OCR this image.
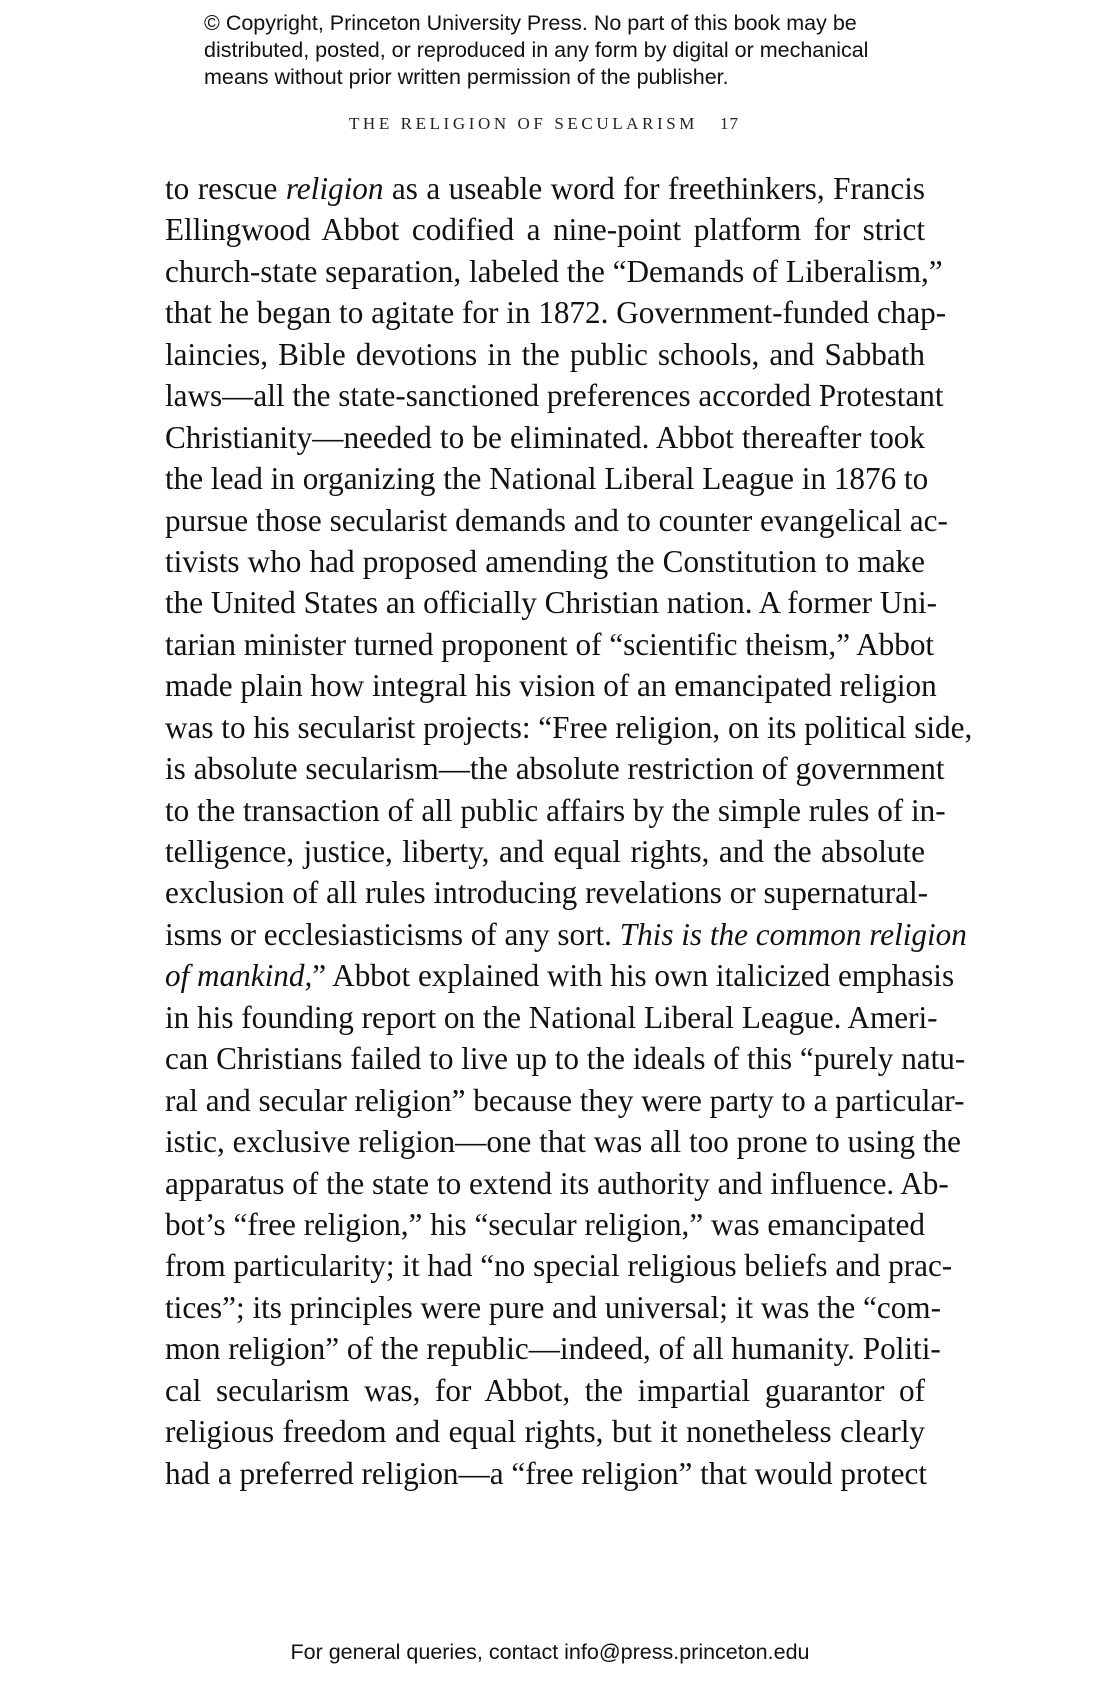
© Copyright, Princeton University Press. No part of this book may be
distributed, posted, or reproduced in any form by digital or mechanical
means without prior written permission of the publisher.
THE RELIGION OF SECULARISM 17
to rescue religion as a useable word for freethinkers, Francis
Ellingwood Abbot codified a nine-point platform for strict
church-state separation, labeled the “Demands of Liberalism,”
that he began to agitate for in 1872. Government-funded chap-
laincies, Bible devotions in the public schools, and Sabbath
laws—all the state-sanctioned preferences accorded Protestant
Christianity—needed to be eliminated. Abbot thereafter took
the lead in organizing the National Liberal League in 1876 to
pursue those secularist demands and to counter evangelical ac-
tivists who had proposed amending the Constitution to make
the United States an officially Christian nation. A former Uni-
tarian minister turned proponent of “scientific theism,” Abbot
made plain how integral his vision of an emancipated religion
was to his secularist projects: “Free religion, on its political side,
is absolute secularism—the absolute restriction of government
to the transaction of all public affairs by the simple rules of in-
telligence, justice, liberty, and equal rights, and the absolute
exclusion of all rules introducing revelations or supernatural-
isms or ecclesiasticisms of any sort. This is the common religion
of mankind,” Abbot explained with his own italicized emphasis
in his founding report on the National Liberal League. Ameri-
can Christians failed to live up to the ideals of this “purely natu-
ral and secular religion” because they were party to a particular-
istic, exclusive religion—one that was all too prone to using the
apparatus of the state to extend its authority and influence. Ab-
bot’s “free religion,” his “secular religion,” was emancipated
from particularity; it had “no special religious beliefs and prac-
tices”; its principles were pure and universal; it was the “com-
mon religion” of the republic—indeed, of all humanity. Politi-
cal secularism was, for Abbot, the impartial guarantor of
religious freedom and equal rights, but it nonetheless clearly
had a preferred religion—a “free religion” that would protect
For general queries, contact info@press.princeton.edu
